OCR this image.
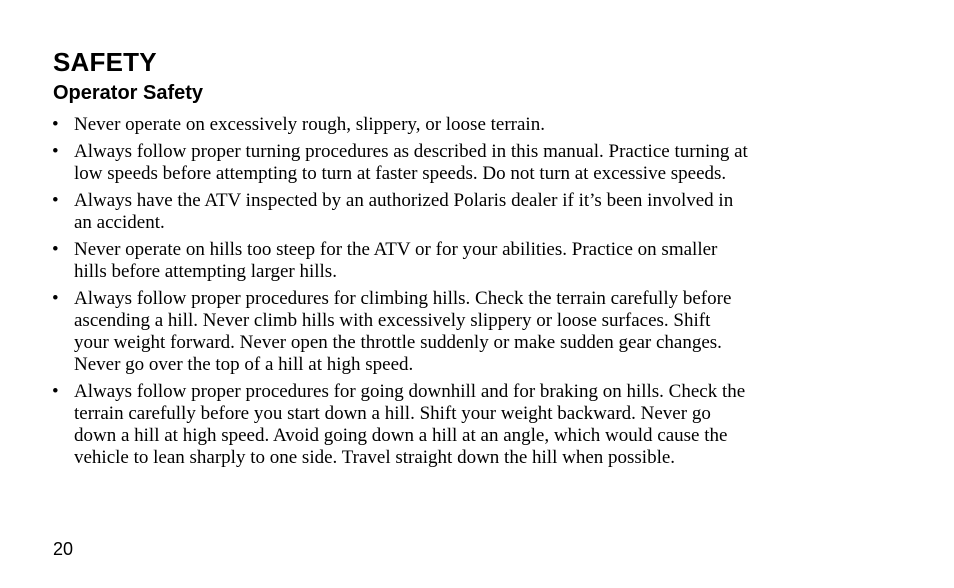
SAFETY
Operator Safety
• Never operate on excessively rough, slippery, or loose terrain.
• Always follow proper turning procedures as described in this manual. Practice turning at
low speeds before attempting to turn at faster speeds. Do not turn at excessive speeds.
• Always have the ATV inspected by an authorized Polaris dealer if it’s been involved in
an accident.
• Never operate on hills too steep for the ATV or for your abilities. Practice on smaller
hills before attempting larger hills.
• Always follow proper procedures for climbing hills. Check the terrain carefully before
ascending a hill. Never climb hills with excessively slippery or loose surfaces. Shift
your weight forward. Never open the throttle suddenly or make sudden gear changes.
Never go over the top of a hill at high speed.
• Always follow proper procedures for going downhill and for braking on hills. Check the
terrain carefully before you start down a hill. Shift your weight backward. Never go
down a hill at high speed. Avoid going down a hill at an angle, which would cause the
vehicle to lean sharply to one side. Travel straight down the hill when possible.
20
